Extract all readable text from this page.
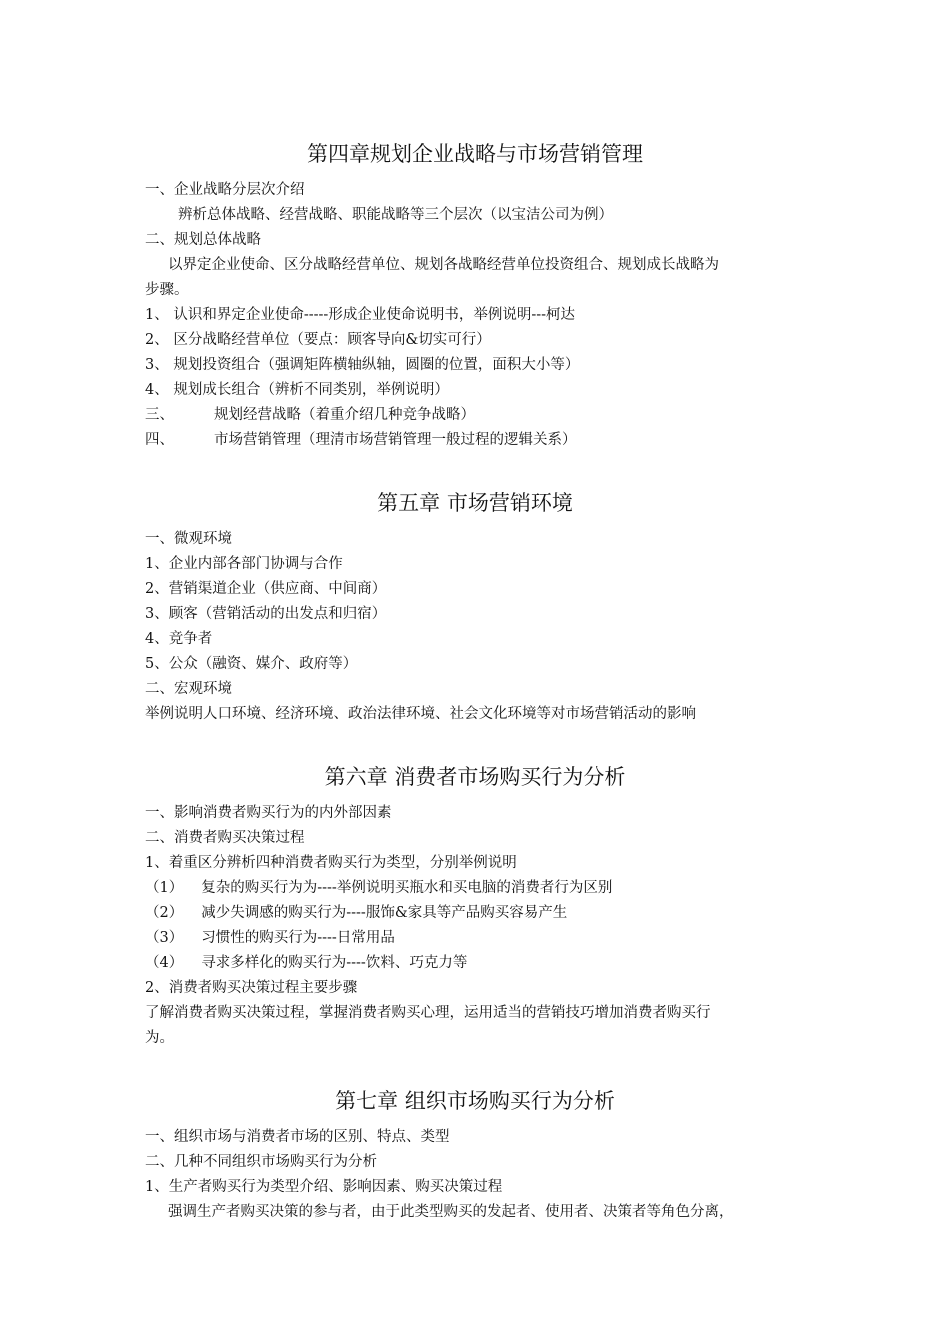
第四章规划企业战略与市场营销管理
一、企业战略分层次介绍
辨析总体战略、经营战略、职能战略等三个层次（以宝洁公司为例）
二、规划总体战略
以界定企业使命、区分战略经营单位、规划各战略经营单位投资组合、规划成长战略为
步骤。
1、 认识和界定企业使命-----形成企业使命说明书，举例说明---柯达
2、 区分战略经营单位（要点：顾客导向&切实可行）
3、 规划投资组合（强调矩阵横轴纵轴，圆圈的位置，面积大小等）
4、 规划成长组合（辨析不同类别，举例说明）
三、	规划经营战略（着重介绍几种竞争战略）
四、	市场营销管理（理清市场营销管理一般过程的逻辑关系）
第五章 市场营销环境
一、微观环境
1、企业内部各部门协调与合作
2、营销渠道企业（供应商、中间商）
3、顾客（营销活动的出发点和归宿）
4、竞争者
5、公众（融资、媒介、政府等）
二、宏观环境
举例说明人口环境、经济环境、政治法律环境、社会文化环境等对市场营销活动的影响
第六章 消费者市场购买行为分析
一、影响消费者购买行为的内外部因素
二、消费者购买决策过程
1、着重区分辨析四种消费者购买行为类型，分别举例说明
（1） 复杂的购买行为为----举例说明买瓶水和买电脑的消费者行为区别
（2） 减少失调感的购买行为----服饰&家具等产品购买容易产生
（3） 习惯性的购买行为----日常用品
（4） 寻求多样化的购买行为----饮料、巧克力等
2、消费者购买决策过程主要步骤
了解消费者购买决策过程，掌握消费者购买心理，运用适当的营销技巧增加消费者购买行
为。
第七章 组织市场购买行为分析
一、组织市场与消费者市场的区别、特点、类型
二、几种不同组织市场购买行为分析
1、生产者购买行为类型介绍、影响因素、购买决策过程
强调生产者购买决策的参与者，由于此类型购买的发起者、使用者、决策者等角色分离，
